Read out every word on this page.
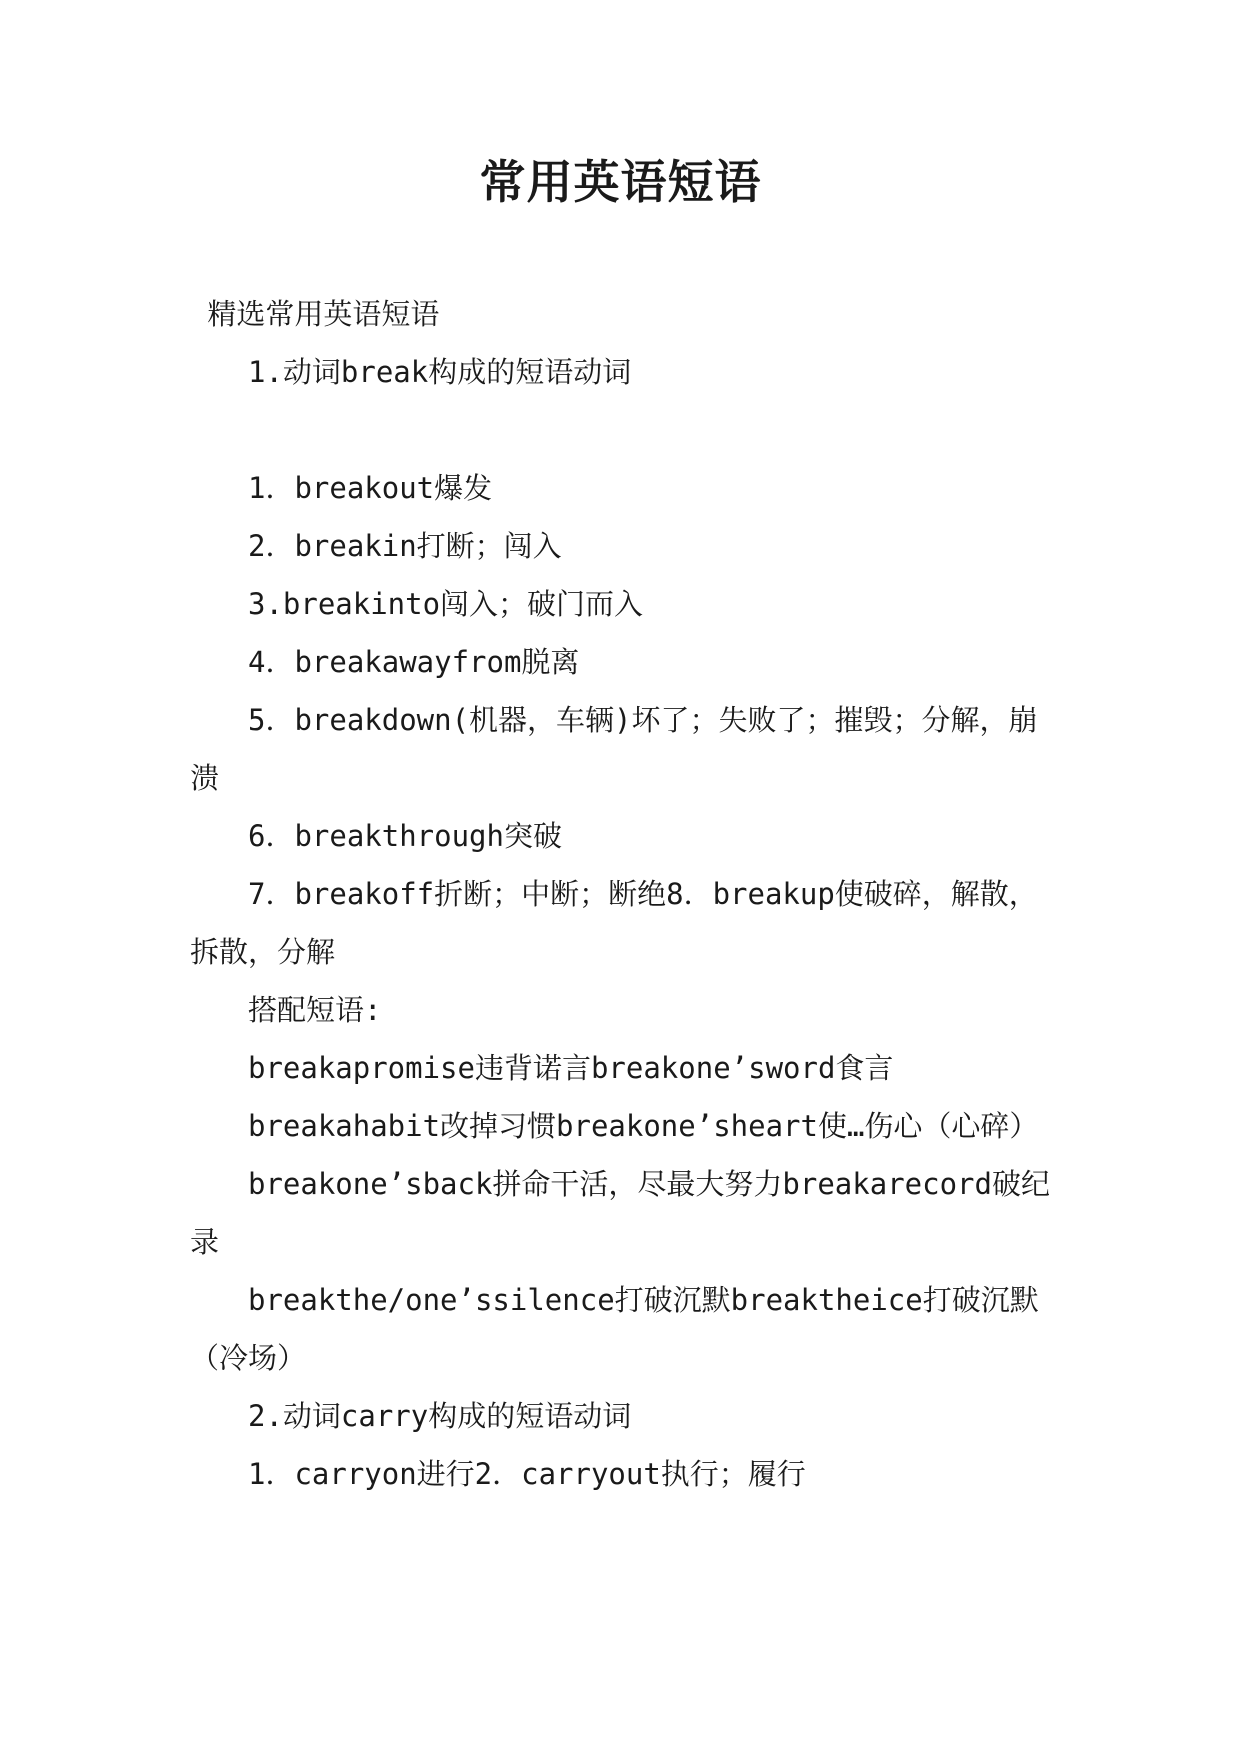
常用英语短语

精选常用英语短语

1.动词break构成的短语动词

1．breakout爆发

2．breakin打断；闯入

3.breakinto闯入；破门而入

4．breakawayfrom脱离

5．breakdown(机器，车辆)坏了；失败了；摧毁；分解，崩溃

6．breakthrough突破

7．breakoff折断；中断；断绝8．breakup使破碎，解散，拆散，分解

搭配短语:

breakapromise违背诺言breakone’sword食言

breakahabit改掉习惯breakone’sheart使…伤心（心碎）

breakone’sback拼命干活，尽最大努力breakarecord破纪录

breakthe/one’ssilence打破沉默breaktheice打破沉默（冷场）

2.动词carry构成的短语动词

1．carryon进行2．carryout执行；履行
